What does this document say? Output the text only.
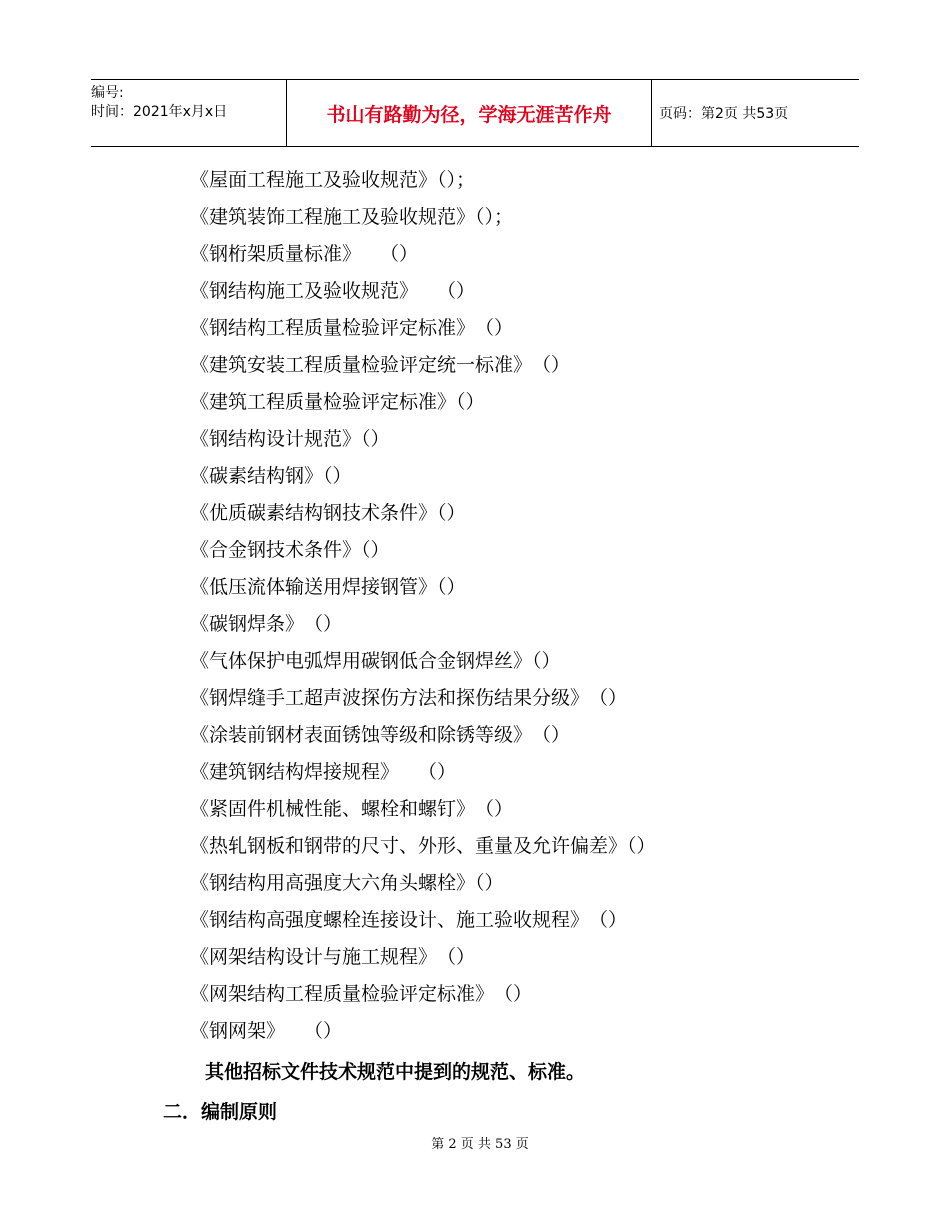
编号:
时间：2021年x月x日	书山有路勤为径，学海无涯苦作舟	页码：第2页 共53页
《屋面工程施工及验收规范》（）；
《建筑装饰工程施工及验收规范》（）；
《钢桁架质量标准》　　（）
《钢结构施工及验收规范》　　（）
《钢结构工程质量检验评定标准》　（）
《建筑安装工程质量检验评定统一标准》　（）
《建筑工程质量检验评定标准》（）
《钢结构设计规范》（）
《碳素结构钢》（）
《优质碳素结构钢技术条件》（）
《合金钢技术条件》（）
《低压流体输送用焊接钢管》（）
《碳钢焊条》　（）
《气体保护电弧焊用碳钢低合金钢焊丝》（）
《钢焊缝手工超声波探伤方法和探伤结果分级》　（）
《涂装前钢材表面锈蚀等级和除锈等级》　（）
《建筑钢结构焊接规程》　　（）
《紧固件机械性能、螺栓和螺钉》　（）
《热轧钢板和钢带的尺寸、外形、重量及允许偏差》（）
《钢结构用高强度大六角头螺栓》（）
《钢结构高强度螺栓连接设计、施工验收规程》　（）
《网架结构设计与施工规程》　（）
《网架结构工程质量检验评定标准》　（）
《钢网架》　　（）
其他招标文件技术规范中提到的规范、标准。
二．编制原则
第 2 页 共 53 页
